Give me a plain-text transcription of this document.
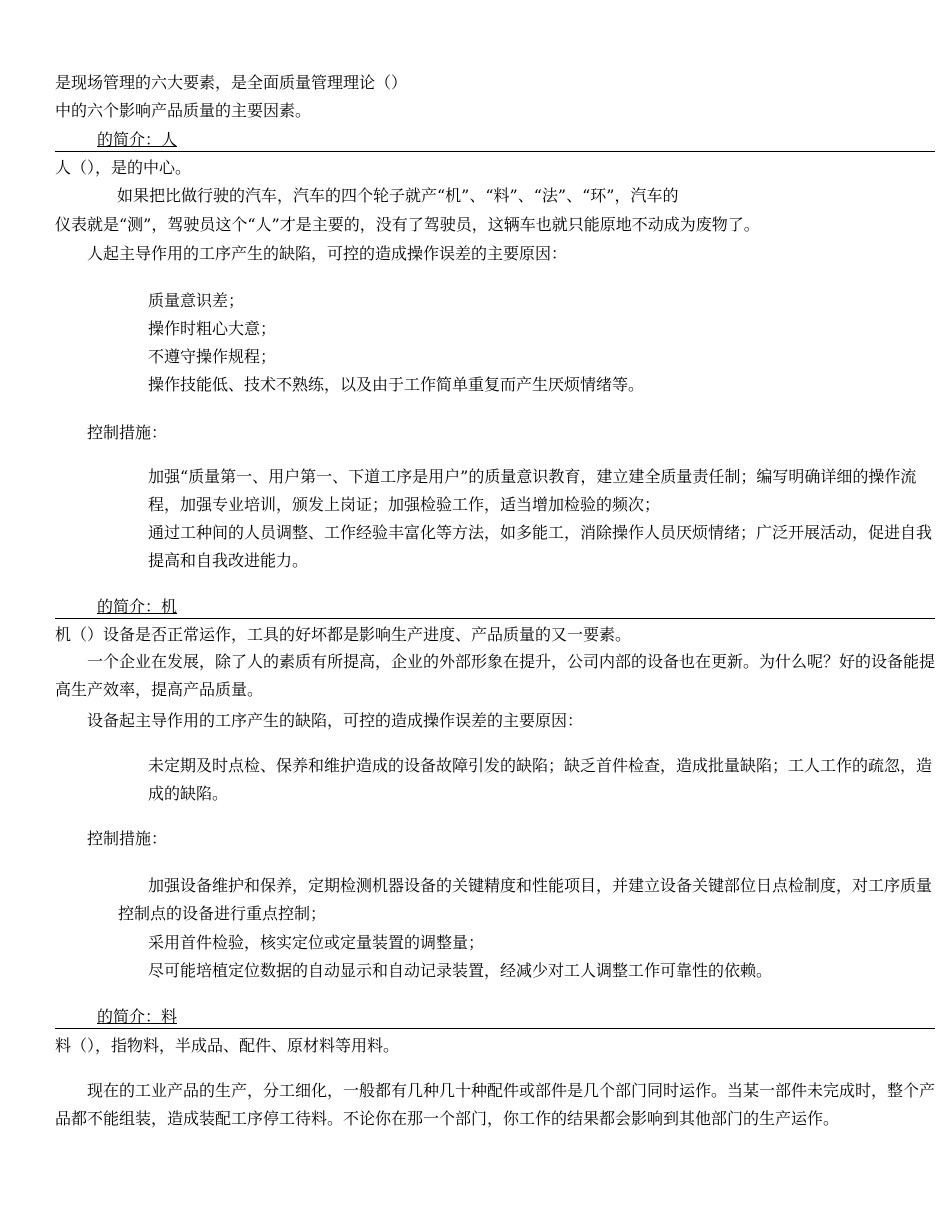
是现场管理的六大要素，是全面质量管理理论（）
中的六个影响产品质量的主要因素。
的简介：人
人（），是的中心。
如果把比做行驶的汽车，汽车的四个轮子就产“机”、“料”、“法”、“环”，汽车的
仪表就是“测”，驾驶员这个“人”才是主要的，没有了驾驶员，这辆车也就只能原地不动成为废物了。
人起主导作用的工序产生的缺陷，可控的造成操作误差的主要原因：
质量意识差；
操作时粗心大意；
不遵守操作规程；
操作技能低、技术不熟练，以及由于工作简单重复而产生厌烦情绪等。
控制措施：
加强“质量第一、用户第一、下道工序是用户”的质量意识教育，建立建全质量责任制；编写明确详细的操作流程，加强专业培训，颁发上岗证；加强检验工作，适当增加检验的频次；
通过工种间的人员调整、工作经验丰富化等方法，如多能工，消除操作人员厌烦情绪；广泛开展活动，促进自我提高和自我改进能力。
的简介：机
机（）设备是否正常运作，工具的好坏都是影响生产进度、产品质量的又一要素。
一个企业在发展，除了人的素质有所提高，企业的外部形象在提升，公司内部的设备也在更新。为什么呢？好的设备能提高生产效率，提高产品质量。
设备起主导作用的工序产生的缺陷，可控的造成操作误差的主要原因：
未定期及时点检、保养和维护造成的设备故障引发的缺陷；缺乏首件检查，造成批量缺陷；工人工作的疏忽，造成的缺陷。
控制措施：
加强设备维护和保养，定期检测机器设备的关键精度和性能项目，并建立设备关键部位日点检制度，对工序质量控制点的设备进行重点控制；
采用首件检验，核实定位或定量装置的调整量；
尽可能培植定位数据的自动显示和自动记录装置，经减少对工人调整工作可靠性的依赖。
的简介：料
料（），指物料，半成品、配件、原材料等用料。
现在的工业产品的生产，分工细化，一般都有几种几十种配件或部件是几个部门同时运作。当某一部件未完成时，整个产品都不能组装，造成装配工序停工待料。不论你在那一个部门，你工作的结果都会影响到其他部门的生产运作。
